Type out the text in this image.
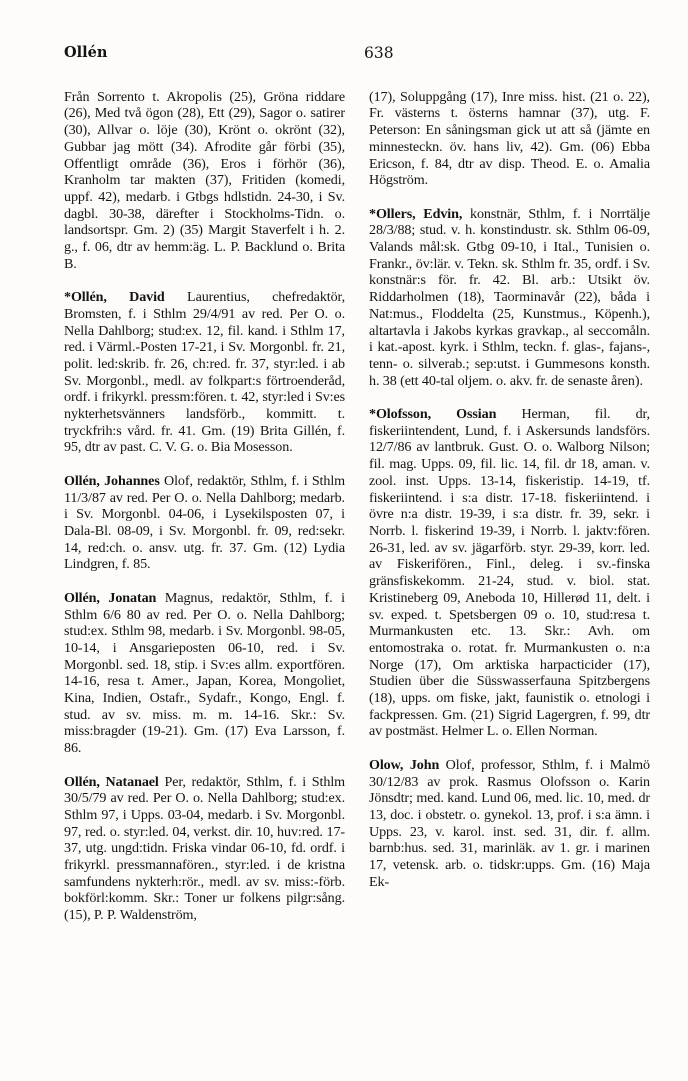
Ollén	638

Från Sorrento t. Akropolis (25), Gröna riddare (26), Med två ögon (28), Ett (29), Sagor o. satirer (30), Allvar o. löje (30), Krönt o. okrönt (32), Gubbar jag mött (34). Afrodite går förbi (35), Offentligt område (36), Eros i förhör (36), Kranholm tar makten (37), Fritiden (komedi, uppf. 42), medarb. i Gtbgs hdlstidn. 24-30, i Sv. dagbl. 30-38, därefter i Stockholms-Tidn. o. landsortspr. Gm. 2) (35) Margit Staverfelt i h. 2. g., f. 06, dtr av hemm:äg. L. P. Backlund o. Brita B.

*Ollén, David Laurentius, chefredaktör, Bromsten, f. i Sthlm 29/4/91 av red. Per O. o. Nella Dahlborg; stud:ex. 12, fil. kand. i Sthlm 17, red. i Värml.-Posten 17-21, i Sv. Morgonbl. fr. 21, polit. led:skrib. fr. 26, ch:red. fr. 37, styr:led. i ab Sv. Morgonbl., medl. av folkpart:s förtroenderåd, ordf. i frikyrkl. pressm:fören. t. 42, styr:led i Sv:es nykterhetsvänners landsförb., kommitt. t. tryckfrih:s vård. fr. 41. Gm. (19) Brita Gillén, f. 95, dtr av past. C. V. G. o. Bia Mosesson.

Ollén, Johannes Olof, redaktör, Sthlm, f. i Sthlm 11/3/87 av red. Per O. o. Nella Dahlborg; medarb. i Sv. Morgonbl. 04-06, i Lysekilsposten 07, i Dala-Bl. 08-09, i Sv. Morgonbl. fr. 09, red:sekr. 14, red:ch. o. ansv. utg. fr. 37. Gm. (12) Lydia Lindgren, f. 85.

Ollén, Jonatan Magnus, redaktör, Sthlm, f. i Sthlm 6/6 80 av red. Per O. o. Nella Dahlborg; stud:ex. Sthlm 98, medarb. i Sv. Morgonbl. 98-05, 10-14, i Ansgarieposten 06-10, red. i Sv. Morgonbl. sed. 18, stip. i Sv:es allm. exportfören. 14-16, resa t. Amer., Japan, Korea, Mongoliet, Kina, Indien, Ostafr., Sydafr., Kongo, Engl. f. stud. av sv. miss. m. m. 14-16. Skr.: Sv. miss:bragder (19-21). Gm. (17) Eva Larsson, f. 86.

Ollén, Natanael Per, redaktör, Sthlm, f. i Sthlm 30/5/79 av red. Per O. o. Nella Dahlborg; stud:ex. Sthlm 97, i Upps. 03-04, medarb. i Sv. Morgonbl. 97, red. o. styr:led. 04, verkst. dir. 10, huv:red. 17-37, utg. ungd:tidn. Friska vindar 06-10, fd. ordf. i frikyrkl. pressmannafören., styr:led. i de kristna samfundens nykterh:rör., medl. av sv. miss:-förb. bokförl:komm. Skr.: Toner ur folkens pilgr:sång. (15), P. P. Waldenström,

(17), Soluppgång (17), Inre miss. hist. (21 o. 22), Fr. västerns t. österns hamnar (37), utg. F. Peterson: En såningsman gick ut att så (jämte en minnesteckn. öv. hans liv, 42). Gm. (06) Ebba Ericson, f. 84, dtr av disp. Theod. E. o. Amalia Högström.

*Ollers, Edvin, konstnär, Sthlm, f. i Norrtälje 28/3/88; stud. v. h. konstindustr. sk. Sthlm 06-09, Valands mål:sk. Gtbg 09-10, i Ital., Tunisien o. Frankr., öv:lär. v. Tekn. sk. Sthlm fr. 35, ordf. i Sv. konstnär:s för. fr. 42. Bl. arb.: Utsikt öv. Riddarholmen (18), Taorminavår (22), båda i Nat:mus., Floddelta (25, Kunstmus., Köpenh.), altartavla i Jakobs kyrkas gravkap., al seccomåln. i kat.-apost. kyrk. i Sthlm, teckn. f. glas-, fajans-, tenn- o. silverab.; sep:utst. i Gummesons konsth. h. 38 (ett 40-tal oljem. o. akv. fr. de senaste åren).

*Olofsson, Ossian Herman, fil. dr, fiskeriintendent, Lund, f. i Askersunds landsförs. 12/7/86 av lantbruk. Gust. O. o. Walborg Nilson; fil. mag. Upps. 09, fil. lic. 14, fil. dr 18, aman. v. zool. inst. Upps. 13-14, fiskeristip. 14-19, tf. fiskeriintend. i s:a distr. 17-18. fiskeriintend. i övre n:a distr. 19-39, i s:a distr. fr. 39, sekr. i Norrb. l. fiskerind 19-39, i Norrb. l. jaktv:fören. 26-31, led. av sv. jägarförb. styr. 29-39, korr. led. av Fiskerifören., Finl., deleg. i sv.-finska gränsfiskekomm. 21-24, stud. v. biol. stat. Kristineberg 09, Aneboda 10, Hillerød 11, delt. i sv. exped. t. Spetsbergen 09 o. 10, stud:resa t. Murmankusten etc. 13. Skr.: Avh. om entomostraka o. rotat. fr. Murmankusten o. n:a Norge (17), Om arktiska harpacticider (17), Studien über die Süsswasserfauna Spitzbergens (18), upps. om fiske, jakt, faunistik o. etnologi i fackpressen. Gm. (21) Sigrid Lagergren, f. 99, dtr av postmäst. Helmer L. o. Ellen Norman.

Olow, John Olof, professor, Sthlm, f. i Malmö 30/12/83 av prok. Rasmus Olofsson o. Karin Jönsdtr; med. kand. Lund 06, med. lic. 10, med. dr 13, doc. i obstetr. o. gynekol. 13, prof. i s:a ämn. i Upps. 23, v. karol. inst. sed. 31, dir. f. allm. barnb:hus. sed. 31, marinläk. av 1. gr. i marinen 17, vetensk. arb. o. tidskr:upps. Gm. (16) Maja Ek-
